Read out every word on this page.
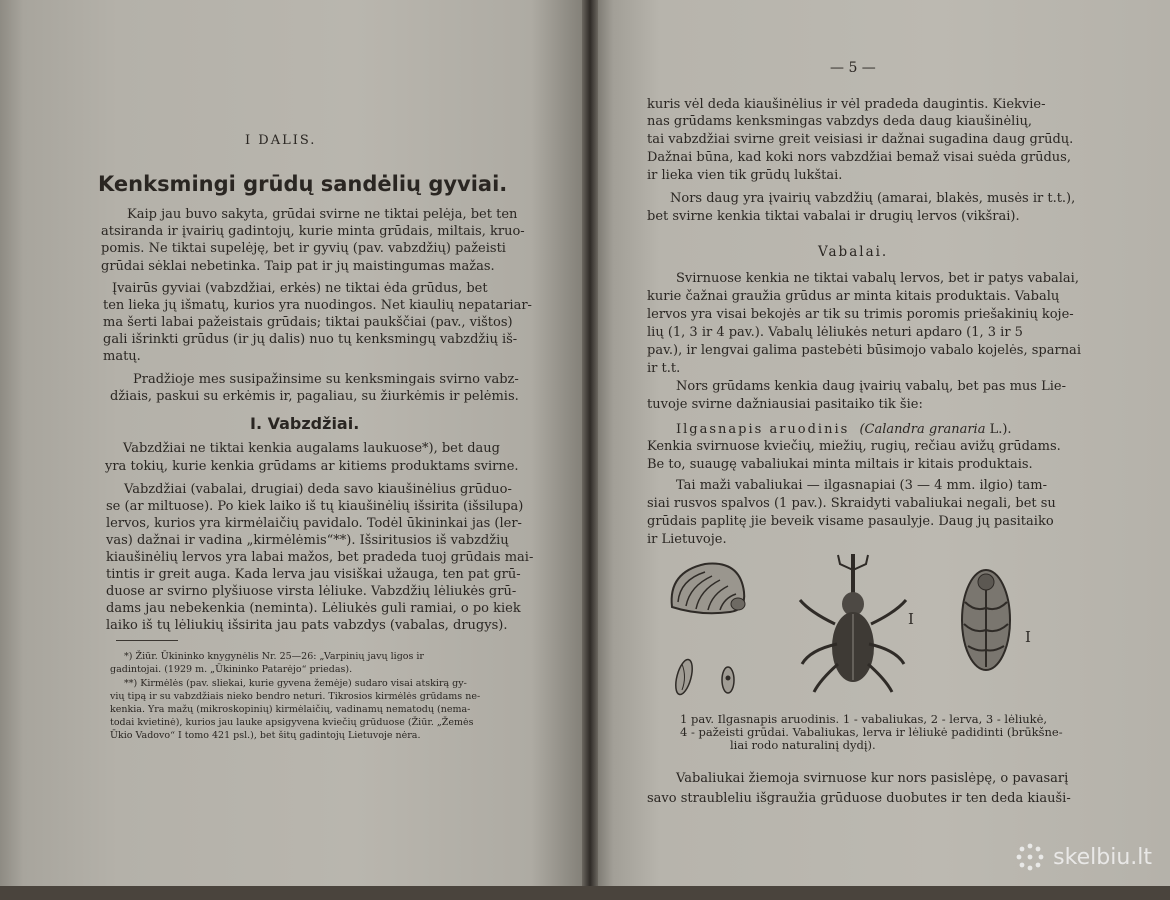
I DALIS.
Kenksmingi grūdų sandėlių gyviai.
Kaip jau buvo sakyta, grūdai svirne ne tiktai pelėja, bet ten
atsiranda ir įvairių gadintojų, kurie minta grūdais, miltais, kruo-
pomis. Ne tiktai supelėję, bet ir gyvių (pav. vabzdžių) pažeisti
grūdai sėklai nebetinka. Taip pat ir jų maistingumas mažas.
Įvairūs gyviai (vabzdžiai, erkės) ne tiktai ėda grūdus, bet
ten lieka jų išmatų, kurios yra nuodingos. Net kiaulių nepatariar-
ma šerti labai pažeistais grūdais; tiktai paukščiai (pav., vištos)
gali išrinkti grūdus (ir jų dalis) nuo tų kenksmingų vabzdžių iš-
matų.
Pradžioje mes susipažinsime su kenksmingais svirno vabz-
džiais, paskui su erkėmis ir, pagaliau, su žiurkėmis ir pelėmis.
I. Vabzdžiai.
Vabzdžiai ne tiktai kenkia augalams laukuose*), bet daug
yra tokių, kurie kenkia grūdams ar kitiems produktams svirne.
Vabzdžiai (vabalai, drugiai) deda savo kiaušinėlius grūduo-
se (ar miltuose). Po kiek laiko iš tų kiaušinėlių išsirita (išsilupa)
lervos, kurios yra kirmėlaičių pavidalo. Todėl ūkininkai jas (ler-
vas) dažnai ir vadina „kirmėlėmis“**). Išsiritusios iš vabzdžių
kiaušinėlių lervos yra labai mažos, bet pradeda tuoj grūdais mai-
tintis ir greit auga. Kada lerva jau visiškai užauga, ten pat grū-
duose ar svirno plyšiuose virsta lėliuke. Vabzdžių lėliukės grū-
dams jau nebekenkia (neminta). Lėliukės guli ramiai, o po kiek
laiko iš tų lėliukių išsirita jau pats vabzdys (vabalas, drugys).
*) Žiūr. Ūkininko knygynėlis Nr. 25—26: „Varpinių javų ligos ir
gadintojai. (1929 m. „Ūkininko Patarėjo“ priedas).
**) Kirmėlės (pav. sliekai, kurie gyvena žemėje) sudaro visai atskirą gy-
vių tipą ir su vabzdžiais nieko bendro neturi. Tikrosios kirmėlės grūdams ne-
kenkia. Yra mažų (mikroskopinių) kirmėlaičių, vadinamų nematodų (nema-
todai kvietinė), kurios jau lauke apsigyvena kviečių grūduose (Žiūr. „Žemės
Ūkio Vadovo“ I tomo 421 psl.), bet šitų gadintojų Lietuvoje nėra.
— 5 —
kuris vėl deda kiaušinėlius ir vėl pradeda daugintis. Kiekvie-
nas grūdams kenksmingas vabzdys deda daug kiaušinėlių,
tai vabzdžiai svirne greit veisiasi ir dažnai sugadina daug grūdų.
Dažnai būna, kad koki nors vabzdžiai bemaž visai suėda grūdus,
ir lieka vien tik grūdų lukštai.
Nors daug yra įvairių vabzdžių (amarai, blakės, musės ir t.t.),
bet svirne kenkia tiktai vabalai ir drugių lervos (vikšrai).
Vabalai.
Svirnuose kenkia ne tiktai vabalų lervos, bet ir patys vabalai,
kurie čažnai graužia grūdus ar minta kitais produktais. Vabalų
lervos yra visai bekojės ar tik su trimis poromis priešakinių koje-
lių (1, 3 ir 4 pav.). Vabalų lėliukės neturi apdaro (1, 3 ir 5
pav.), ir lengvai galima pastebėti būsimojo vabalo kojelės, sparnai
ir t.t.
Nors grūdams kenkia daug įvairių vabalų, bet pas mus Lie-
tuvoje svirne dažniausiai pasitaiko tik šie:
Ilgasnapis aruodinis (Calandra granaria L.).
Kenkia svirnuose kviečių, miežių, rugių, rečiau avižų grūdams.
Be to, suaugę vabaliukai minta miltais ir kitais produktais.
Tai maži vabaliukai — ilgasnapiai (3 — 4 mm. ilgio) tam-
siai rusvos spalvos (1 pav.). Skraidyti vabaliukai negali, bet su
grūdais paplitę jie beveik visame pasaulyje. Daug jų pasitaiko
ir Lietuvoje.
I
I
1 pav. Ilgasnapis aruodinis. 1 - vabaliukas, 2 - lerva, 3 - lėliukė,
4 - pažeisti grūdai. Vabaliukas, lerva ir lėliukė padidinti (brūkšne-
liai rodo naturalinį dydį).
Vabaliukai žiemoja svirnuose kur nors pasislėpę, o pavasarį
savo straubleliu išgraužia grūduose duobutes ir ten deda kiauši-
skelbiu.lt
